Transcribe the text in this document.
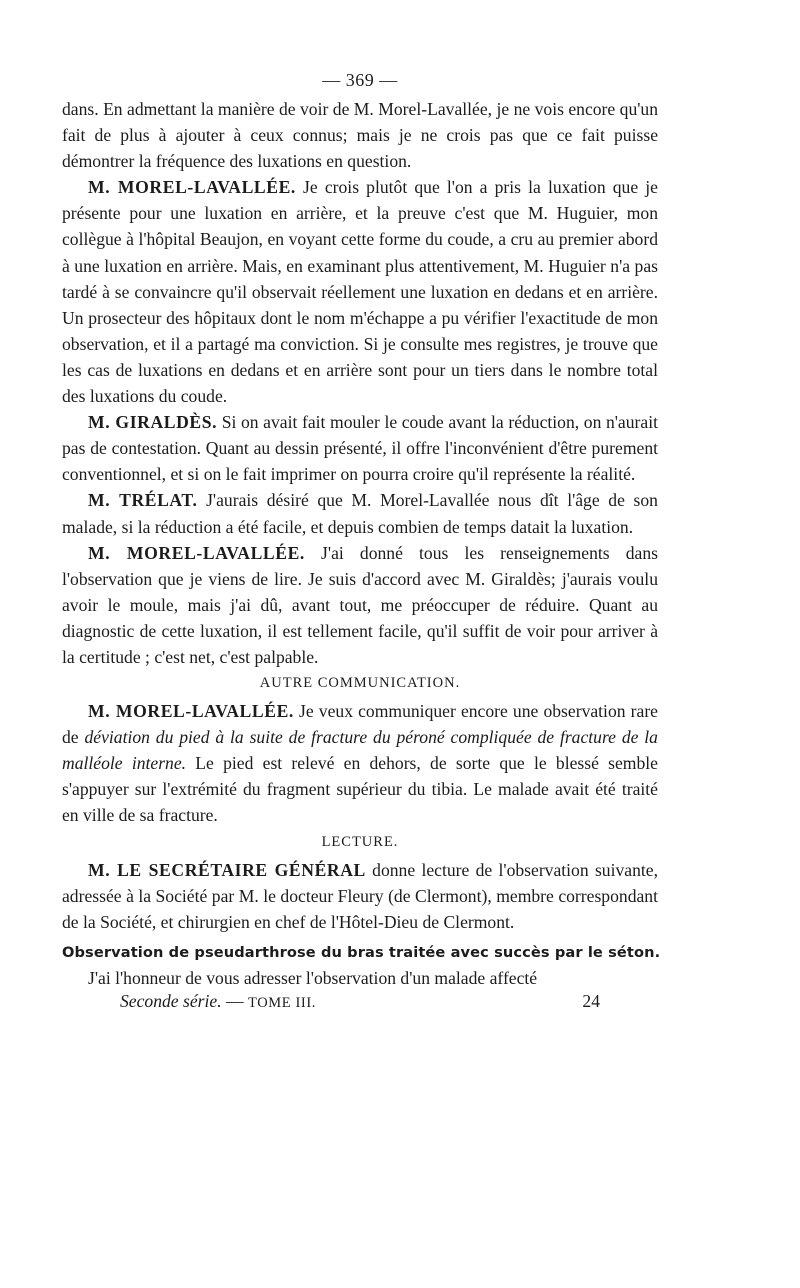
— 369 —

dans. En admettant la manière de voir de M. Morel-Lavallée, je ne vois encore qu'un fait de plus à ajouter à ceux connus; mais je ne crois pas que ce fait puisse démontrer la fréquence des luxations en question.

M. MOREL-LAVALLÉE. Je crois plutôt que l'on a pris la luxation que je présente pour une luxation en arrière, et la preuve c'est que M. Huguier, mon collègue à l'hôpital Beaujon, en voyant cette forme du coude, a cru au premier abord à une luxation en arrière. Mais, en examinant plus attentivement, M. Huguier n'a pas tardé à se convaincre qu'il observait réellement une luxation en dedans et en arrière. Un prosecteur des hôpitaux dont le nom m'échappe a pu vérifier l'exactitude de mon observation, et il a partagé ma conviction. Si je consulte mes registres, je trouve que les cas de luxations en dedans et en arrière sont pour un tiers dans le nombre total des luxations du coude.

M. GIRALDÈS. Si on avait fait mouler le coude avant la réduction, on n'aurait pas de contestation. Quant au dessin présenté, il offre l'inconvénient d'être purement conventionnel, et si on le fait imprimer on pourra croire qu'il représente la réalité.

M. TRÉLAT. J'aurais désiré que M. Morel-Lavallée nous dît l'âge de son malade, si la réduction a été facile, et depuis combien de temps datait la luxation.

M. MOREL-LAVALLÉE. J'ai donné tous les renseignements dans l'observation que je viens de lire. Je suis d'accord avec M. Giraldès; j'aurais voulu avoir le moule, mais j'ai dû, avant tout, me préoccuper de réduire. Quant au diagnostic de cette luxation, il est tellement facile, qu'il suffit de voir pour arriver à la certitude ; c'est net, c'est palpable.

AUTRE COMMUNICATION.

M. MOREL-LAVALLÉE. Je veux communiquer encore une observation rare de déviation du pied à la suite de fracture du péroné compliquée de fracture de la malléole interne. Le pied est relevé en dehors, de sorte que le blessé semble s'appuyer sur l'extrémité du fragment supérieur du tibia. Le malade avait été traité en ville de sa fracture.

LECTURE.

M. LE SECRÉTAIRE GÉNÉRAL donne lecture de l'observation suivante, adressée à la Société par M. le docteur Fleury (de Clermont), membre correspondant de la Société, et chirurgien en chef de l'Hôtel-Dieu de Clermont.

Observation de pseudarthrose du bras traitée avec succès par le séton.

J'ai l'honneur de vous adresser l'observation d'un malade affecté

Seconde série. — TOME III.	24
